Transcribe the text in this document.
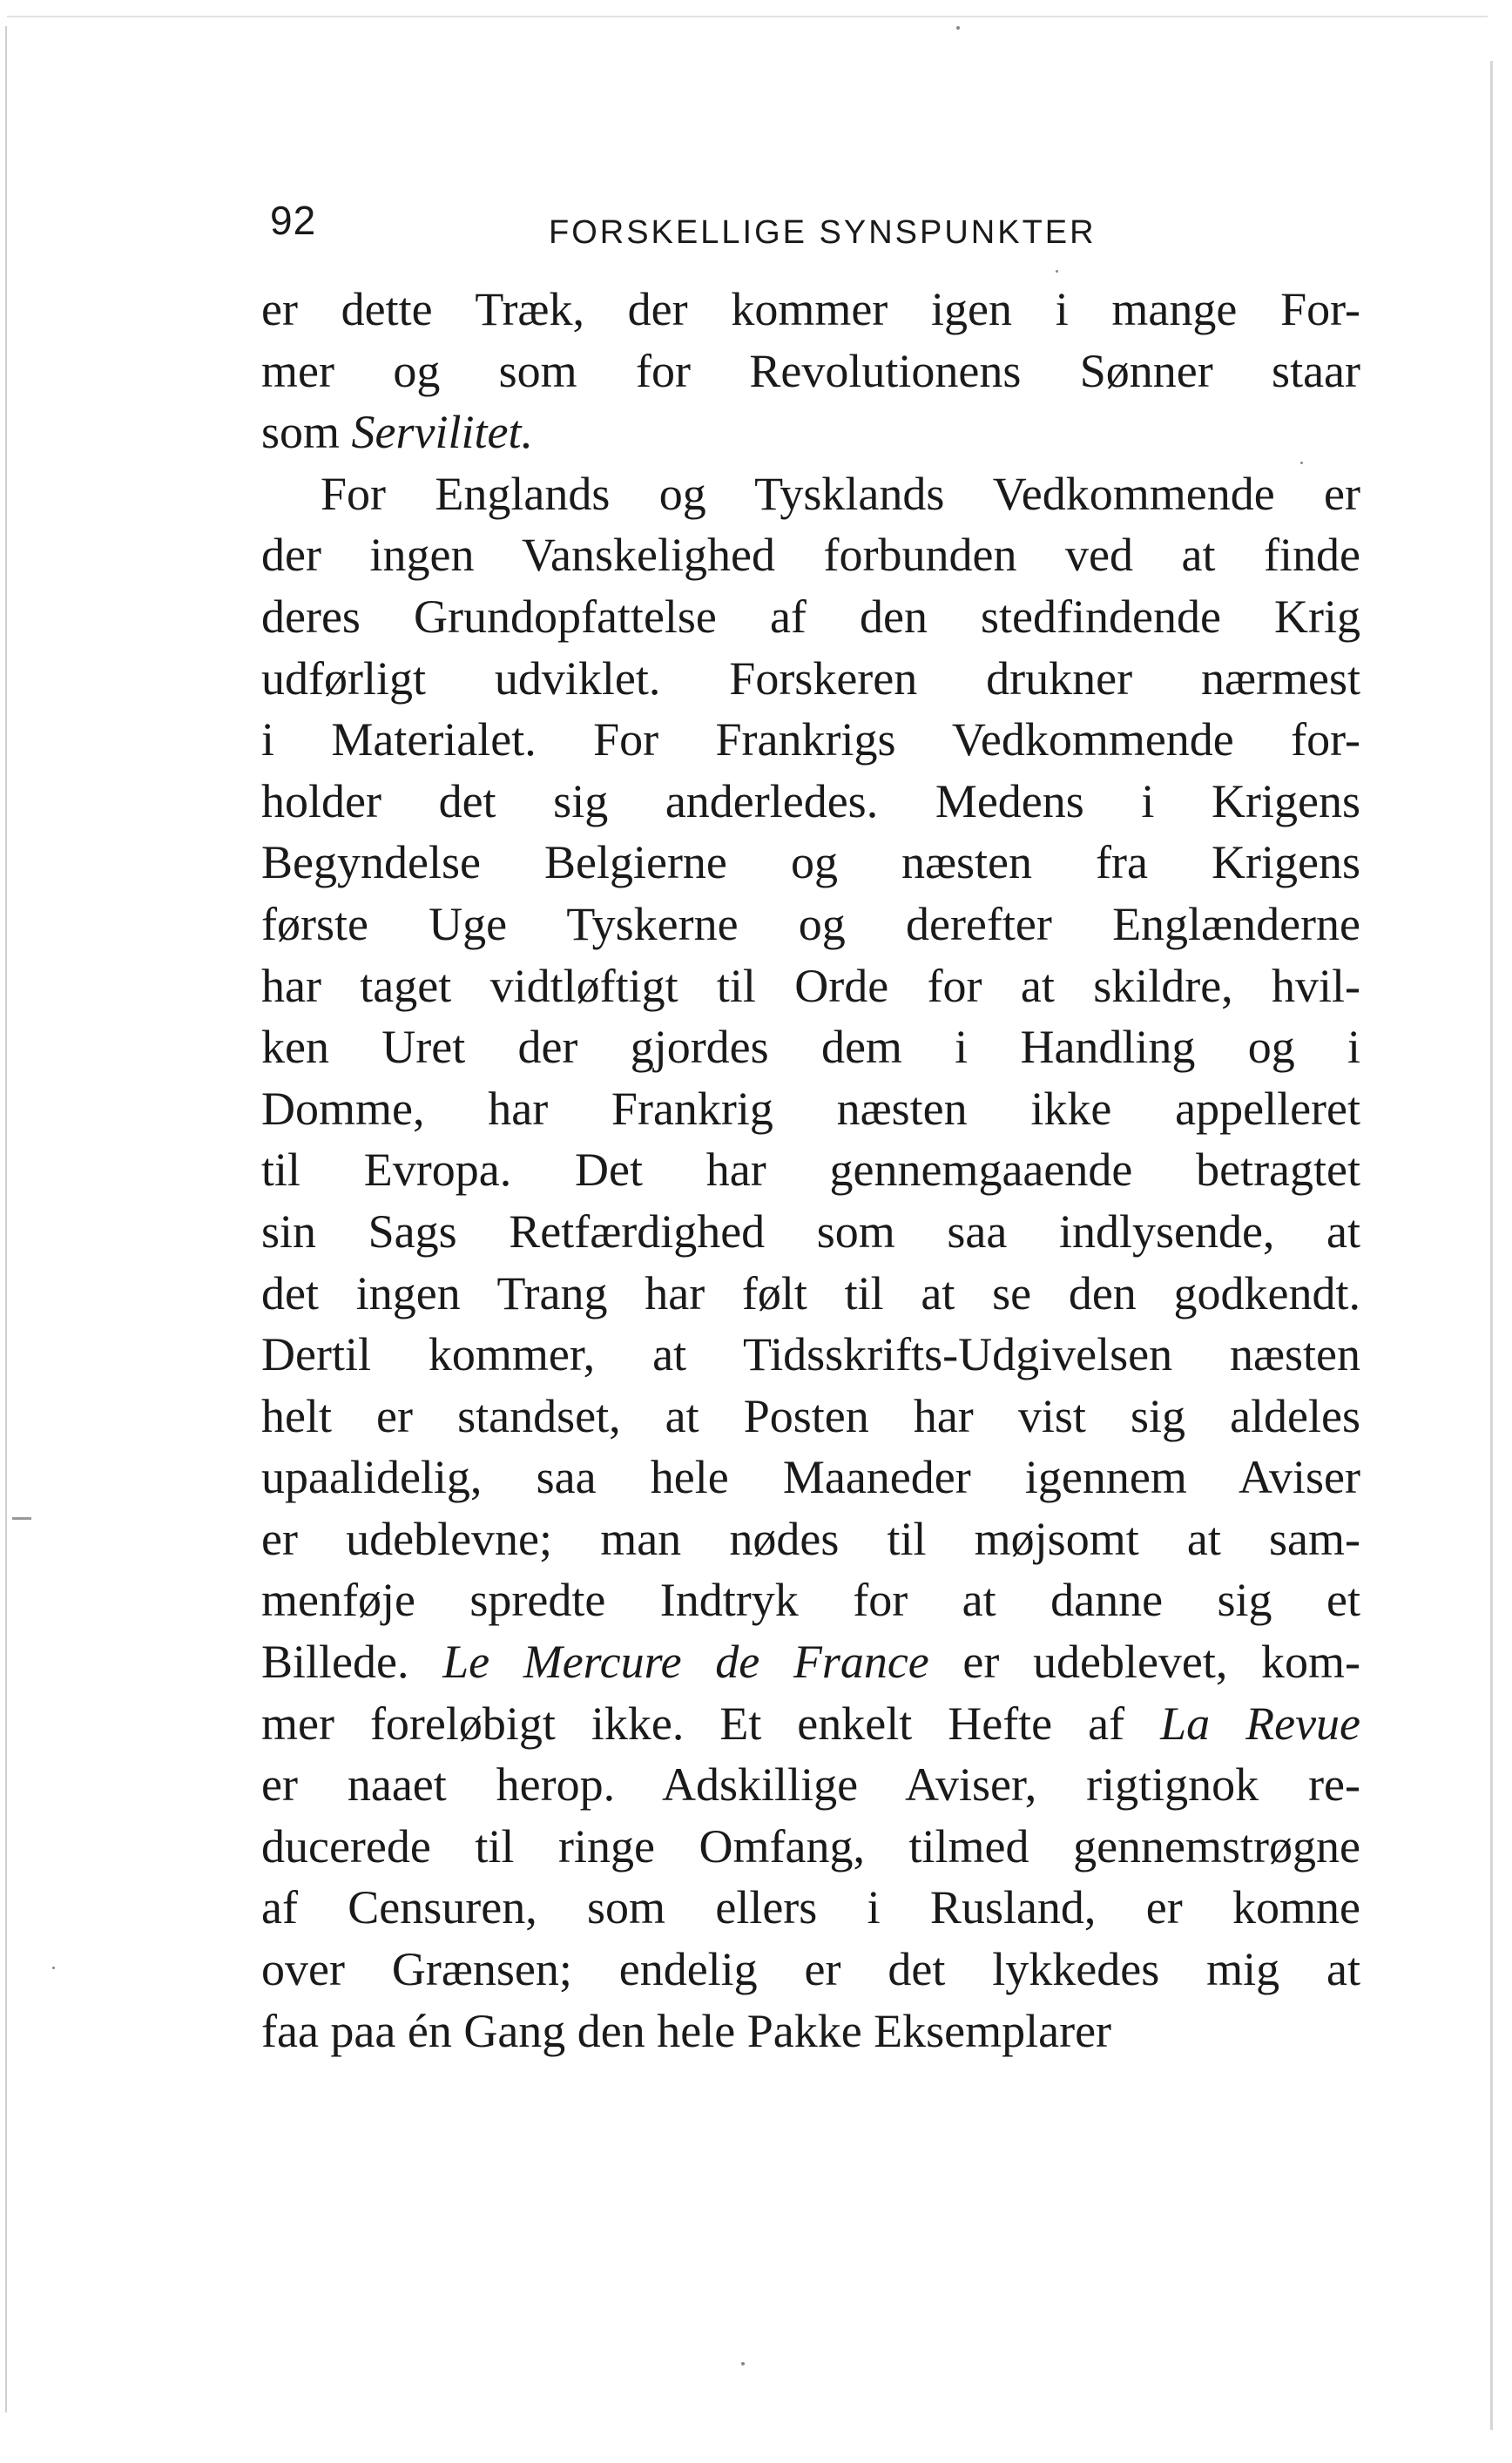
92	FORSKELLIGE SYNSPUNKTER
er dette Træk, der kommer igen i mange For-
mer og som for Revolutionens Sønner staar
som Servilitet.
For Englands og Tysklands Vedkommende er
der ingen Vanskelighed forbunden ved at finde
deres Grundopfattelse af den stedfindende Krig
udførligt udviklet. Forskeren drukner nærmest
i Materialet. For Frankrigs Vedkommende for-
holder det sig anderledes. Medens i Krigens
Begyndelse Belgierne og næsten fra Krigens
første Uge Tyskerne og derefter Englænderne
har taget vidtløftigt til Orde for at skildre, hvil-
ken Uret der gjordes dem i Handling og i
Domme, har Frankrig næsten ikke appelleret
til Evropa. Det har gennemgaaende betragtet
sin Sags Retfærdighed som saa indlysende, at
det ingen Trang har følt til at se den godkendt.
Dertil kommer, at Tidsskrifts-Udgivelsen næsten
helt er standset, at Posten har vist sig aldeles
upaalidelig, saa hele Maaneder igennem Aviser
er udeblevne; man nødes til møjsomt at sam-
menføje spredte Indtryk for at danne sig et
Billede. Le Mercure de France er udeblevet, kom-
mer foreløbigt ikke. Et enkelt Hefte af La Revue
er naaet herop. Adskillige Aviser, rigtignok re-
ducerede til ringe Omfang, tilmed gennemstrøgne
af Censuren, som ellers i Rusland, er komne
over Grænsen; endelig er det lykkedes mig at
faa paa én Gang den hele Pakke Eksemplarer
